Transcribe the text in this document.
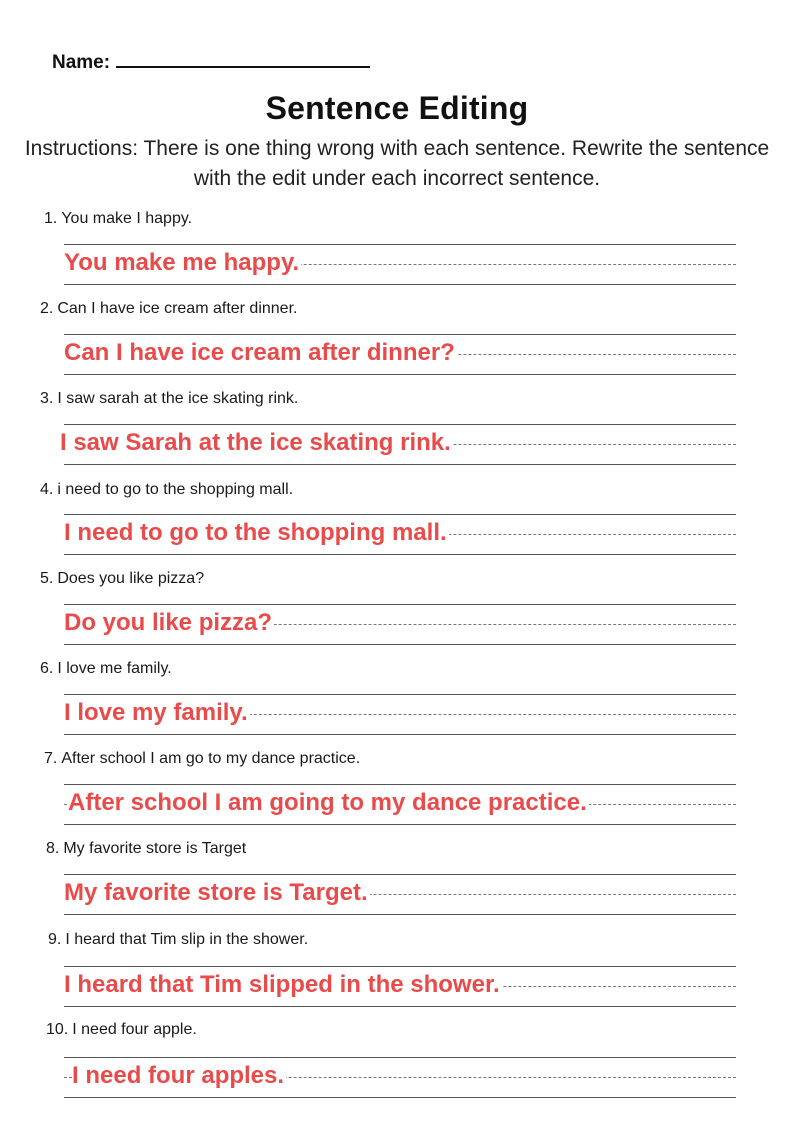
Name:
Sentence Editing
Instructions: There is one thing wrong with each sentence. Rewrite the sentence with the edit under each incorrect sentence.
1. You make I happy.
You make me happy.
2. Can I have ice cream after dinner.
Can I have ice cream after dinner?
3. I saw sarah at the ice skating rink.
I saw Sarah at the ice skating rink.
4. i need to go to the shopping mall.
I need to go to the shopping mall.
5. Does you like pizza?
Do you like pizza?
6. I love me family.
I love my family.
7. After school I am go to my dance practice.
After school I am going to my dance practice.
8. My favorite store is Target
My favorite store is Target.
9. I heard that Tim slip in the shower.
I heard that Tim slipped in the shower.
10. I need four apple.
I need four apples.
